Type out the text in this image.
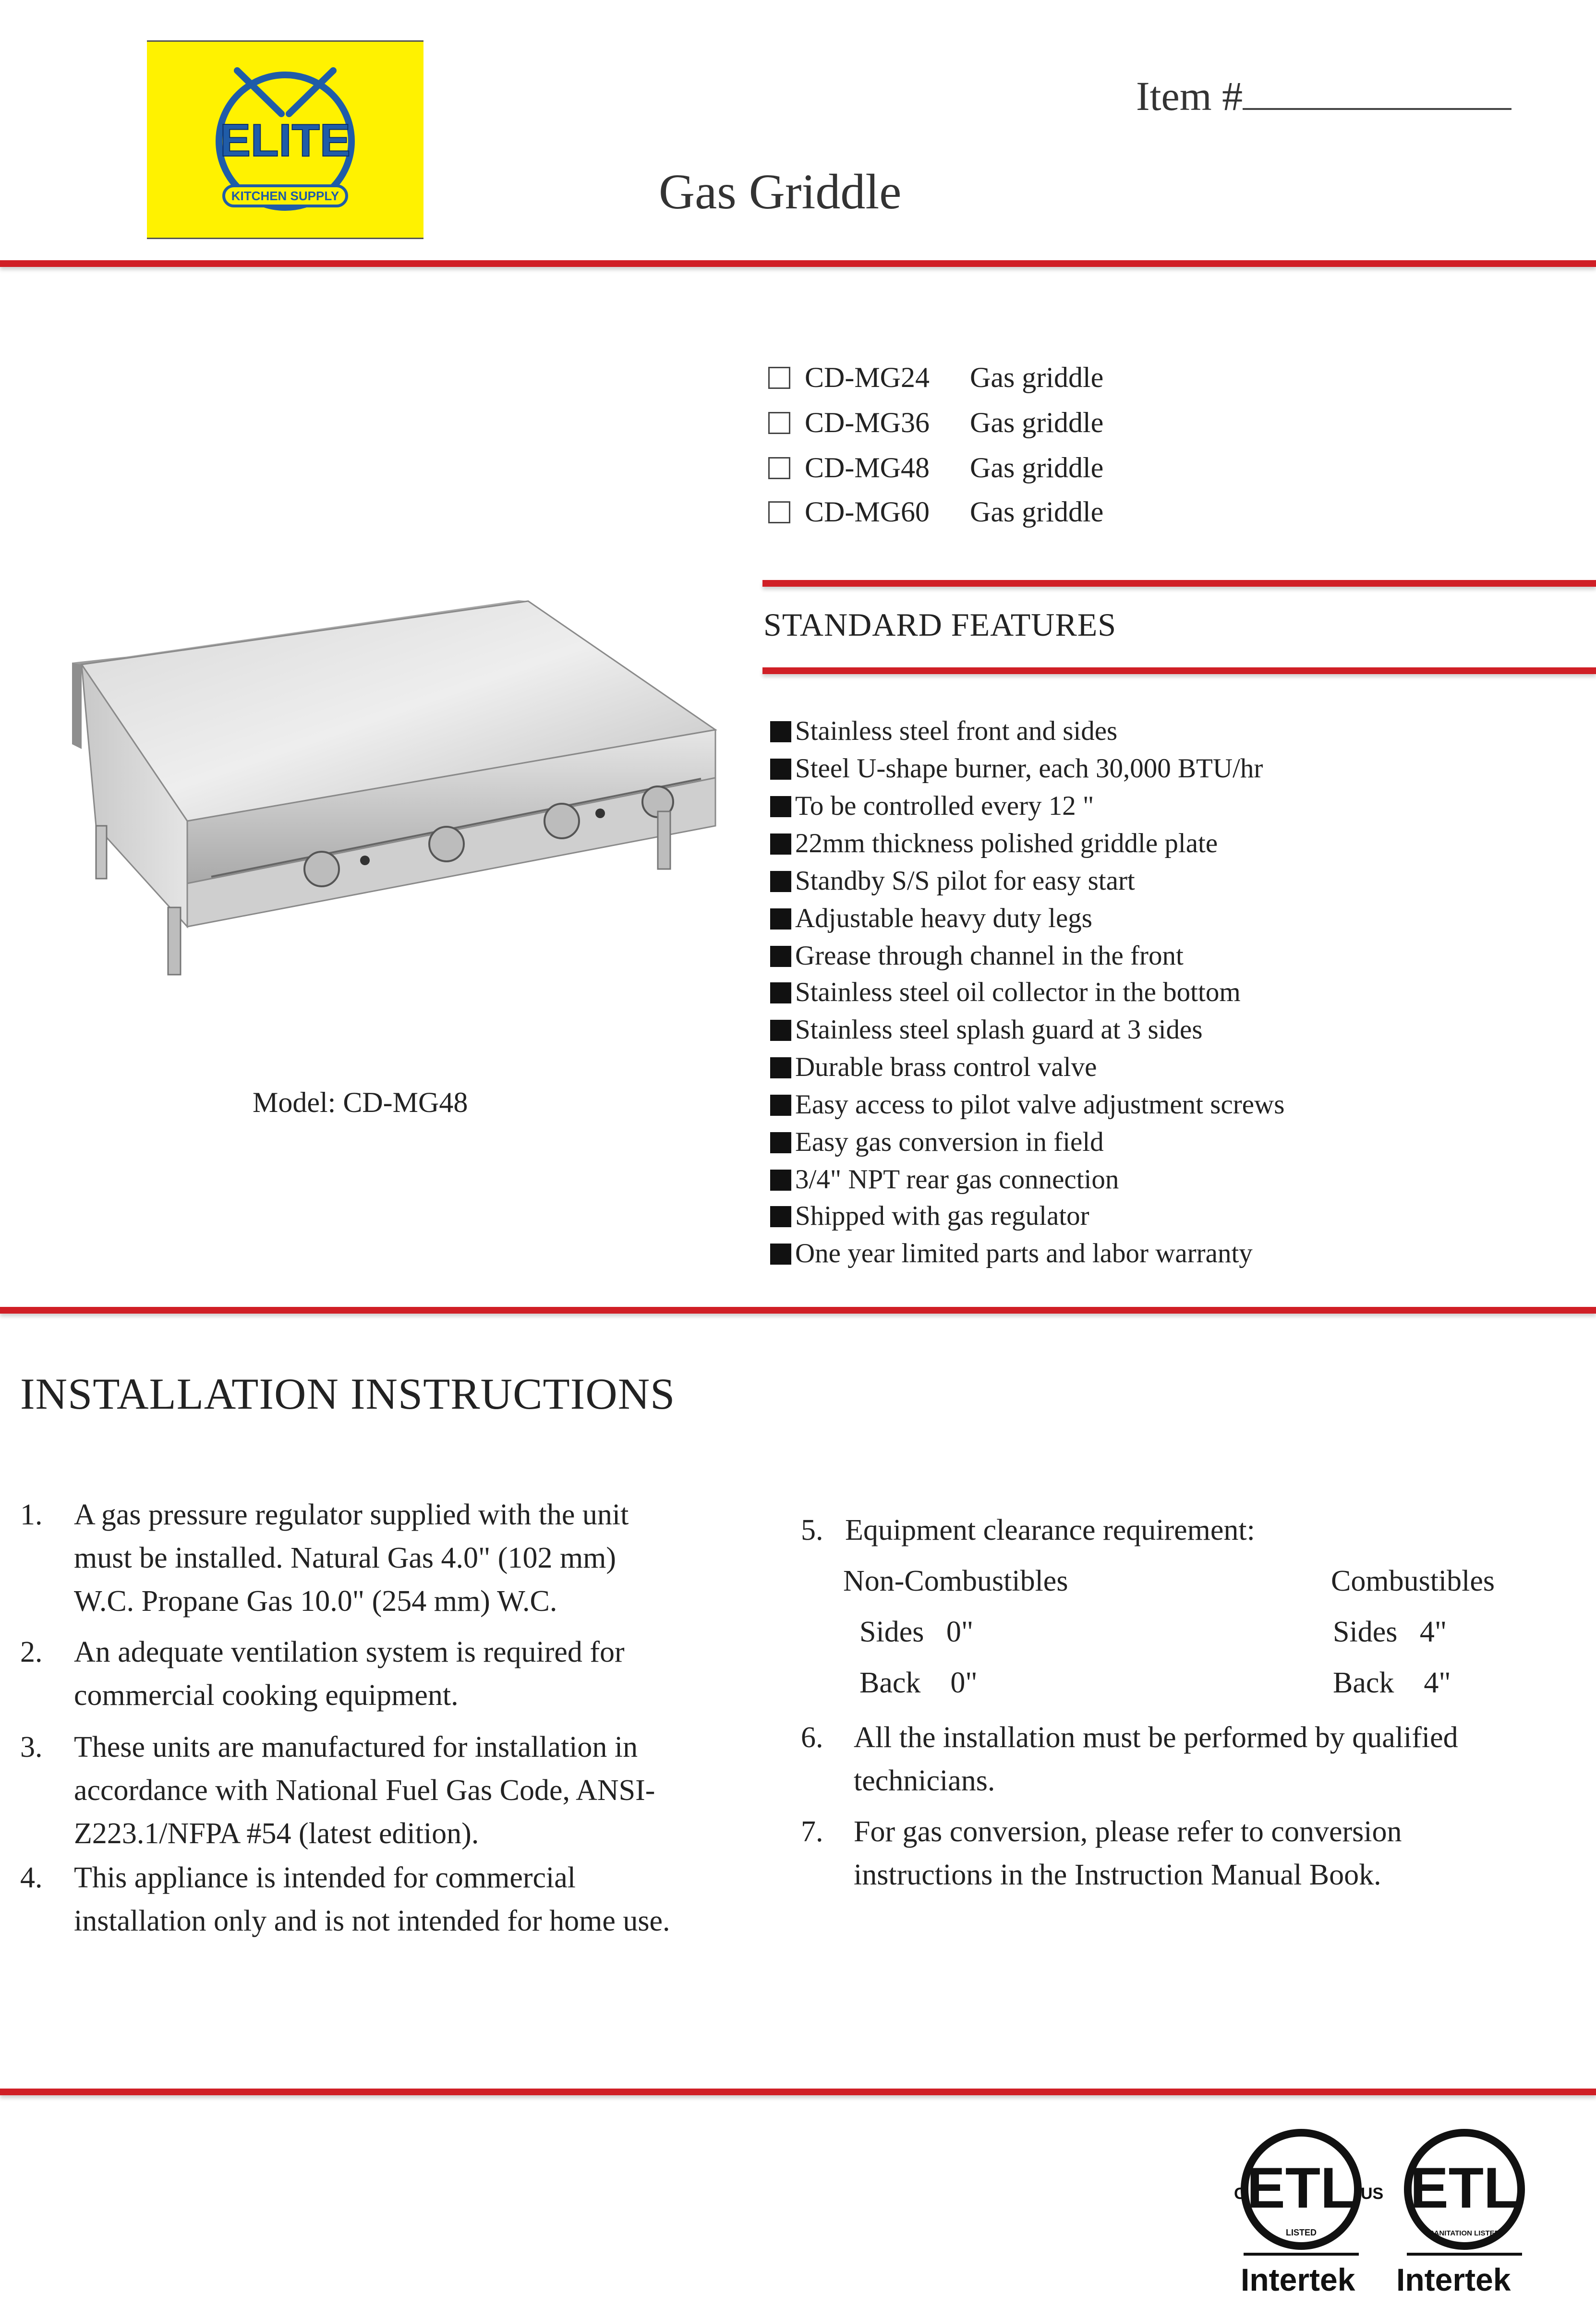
ELITE
KITCHEN SUPPLY
Item #
Gas Griddle
CD-MG24 Gas griddle
CD-MG36 Gas griddle
CD-MG48 Gas griddle
CD-MG60 Gas griddle
STANDARD FEATURES
Stainless steel front and sides
Steel U-shape burner, each 30,000 BTU/hr
To be controlled every 12 "
22mm thickness polished griddle plate
Standby S/S pilot for easy start
Adjustable heavy duty legs
Grease through channel in the front
Stainless steel oil collector in the bottom
Stainless steel splash guard at 3 sides
Durable brass control valve
Easy access to pilot valve adjustment screws
Easy gas conversion in field
3/4" NPT rear gas connection
Shipped with gas regulator
One year limited parts and labor warranty
Model: CD-MG48
INSTALLATION INSTRUCTIONS
1. A gas pressure regulator supplied with the unit
must be installed. Natural Gas 4.0" (102 mm)
W.C. Propane Gas 10.0" (254 mm) W.C.
2. An adequate ventilation system is required for
commercial cooking equipment.
3. These units are manufactured for installation in
accordance with National Fuel Gas Code, ANSI-
Z223.1/NFPA #54 (latest edition).
4. This appliance is intended for commercial
installation only and is not intended for home use.
5. Equipment clearance requirement:
Non-Combustibles	Combustibles
Sides   0"	Sides   4"
Back    0"	Back    4"
6. All the installation must be performed by qualified
technicians.
7. For gas conversion, please refer to conversion
instructions in the Instruction Manual Book.
ETL
C	US
LISTED
ETL
SANITATION LISTED
Intertek Intertek
